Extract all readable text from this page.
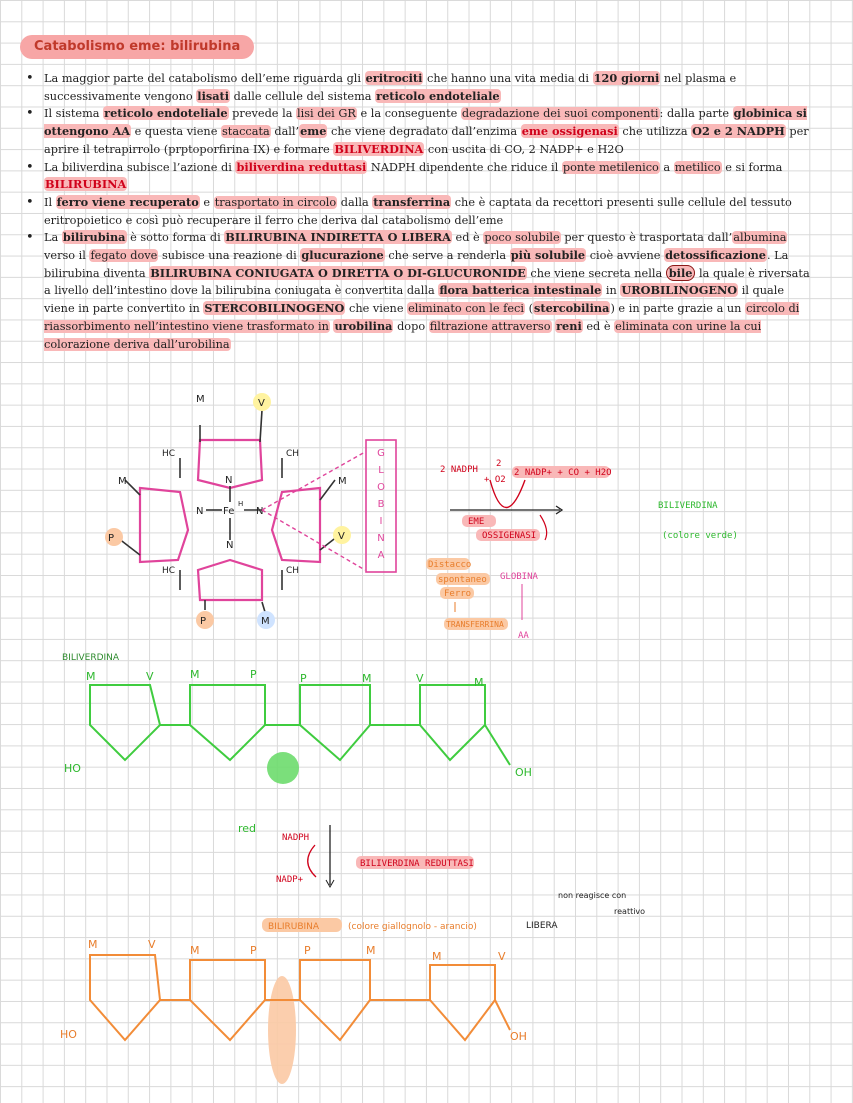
Catabolismo eme: bilirubina
• La maggior parte del catabolismo dell’eme riguarda gli eritrociti che hanno una vita media di 120 giorni nel plasma e successivamente vengono lisati dalle cellule del sistema reticolo endoteliale
• Il sistema reticolo endoteliale prevede la lisi dei GR e la conseguente degradazione dei suoi componenti: dalla parte globinica si ottengono AA e questa viene staccata dall’eme che viene degradato dall’enzima eme ossigenasi che utilizza O2 e 2 NADPH per aprire il tetrapirrolo (prptoporfirina IX) e formare BILIVERDINA con uscita di CO, 2 NADP+ e H2O
• La biliverdina subisce l’azione di biliverdina reduttasi NADPH dipendente che riduce il ponte metilenico a metilico e si forma BILIRUBINA
• Il ferro viene recuperato e trasportato in circolo dalla transferrina che è captata da recettori presenti sulle cellule del tessuto eritropoietico e così può recuperare il ferro che deriva dal catabolismo dell’eme
• La bilirubina è sotto forma di BILIRUBINA INDIRETTA O LIBERA ed è poco solubile per questo è trasportata dall’albumina verso il fegato dove subisce una reazione di glucurazione che serve a renderla più solubile cioè avviene detossificazione. La bilirubina diventa BILIRUBINA CONIUGATA O DIRETTA O DI-GLUCURONIDE che viene secreta nella bile la quale è riversata a livello dell’intestino dove la bilirubina coniugata è convertita dalla flora batterica intestinale in UROBILINOGENO il quale viene in parte convertito in STERCOBILINOGENO che viene eliminato con le feci (stercobilina) e in parte grazie a un circolo di riassorbimento nell’intestino viene trasformato in urobilina dopo filtrazione attraverso reni ed è eliminata con urine la cui colorazione deriva dall’urobilina
M	V
M	M
P	V
P	M
HC	CH
HC	CH
N
N	N
N
Fe
H
G L O B I N A
2 NADPH
2
+ O2
2 NADP+ + CO + H2O
EME
OSSIGENASI
Distacco
spontaneo
Ferro
TRANSFERRINA
GLOBINA
AA
BILIVERDINA
(colore verde)
BILIVERDINA
M	V	M	P	P	M	V	M
HO	OH
red
NADPH
NADP+
BILIVERDINA REDUTTASI
BILIRUBINA	(colore giallognolo - arancio)	LIBERA
non reagisce con
reattivo
M	V	M	P	P	M	M	V
HO	OH
